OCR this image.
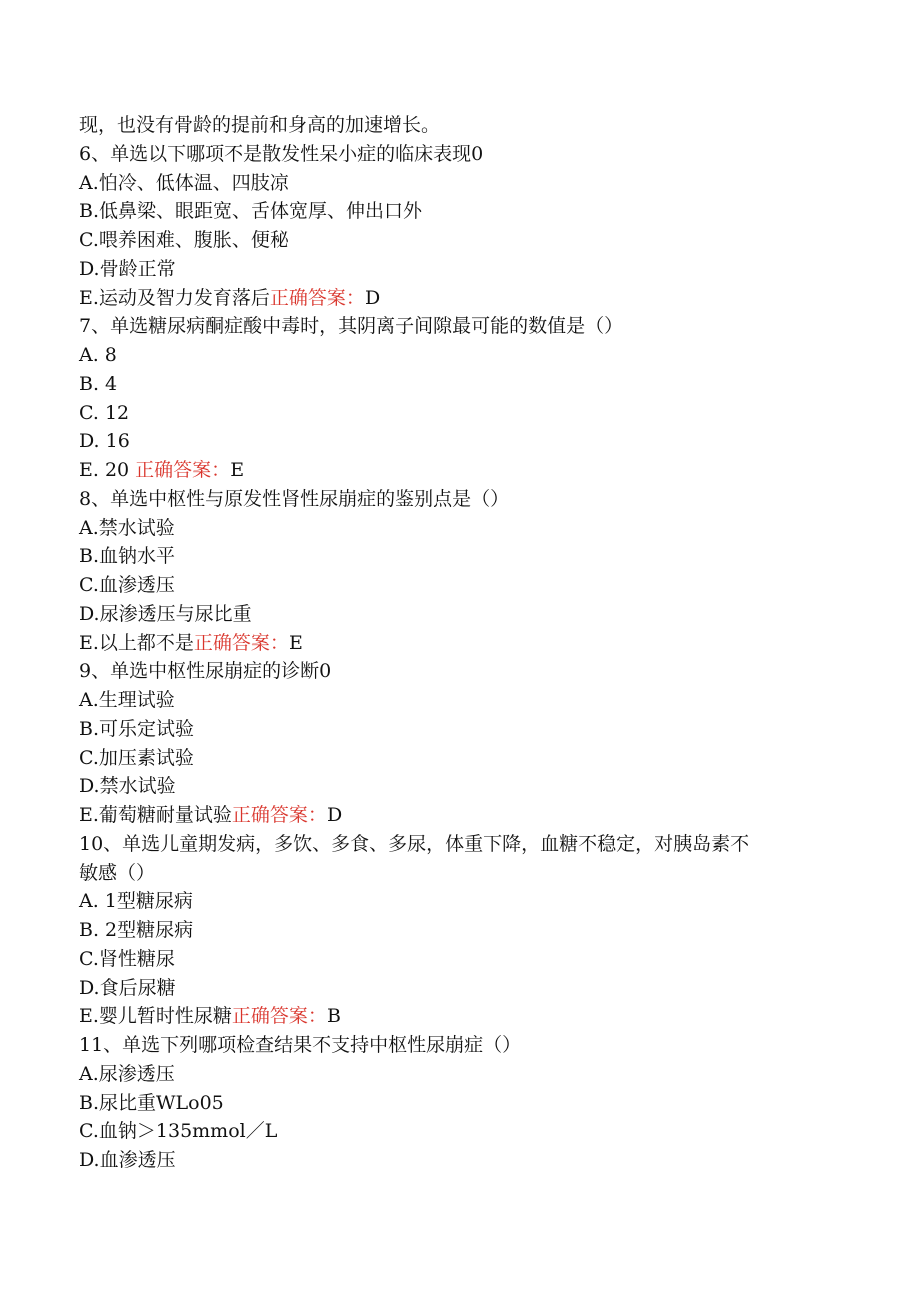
现，也没有骨龄的提前和身高的加速增长。
6、单选以下哪项不是散发性呆小症的临床表现0
A.怕冷、低体温、四肢凉
B.低鼻梁、眼距宽、舌体宽厚、伸出口外
C.喂养困难、腹胀、便秘
D.骨龄正常
E.运动及智力发育落后正确答案：D
7、单选糖尿病酮症酸中毒时，其阴离子间隙最可能的数值是（）
A. 8
B. 4
C. 12
D. 16
E. 20 正确答案：E
8、单选中枢性与原发性肾性尿崩症的鉴别点是（）
A.禁水试验
B.血钠水平
C.血渗透压
D.尿渗透压与尿比重
E.以上都不是正确答案：E
9、单选中枢性尿崩症的诊断0
A.生理试验
B.可乐定试验
C.加压素试验
D.禁水试验
E.葡萄糖耐量试验正确答案：D
10、单选儿童期发病，多饮、多食、多尿，体重下降，血糖不稳定，对胰岛素不
敏感（）
A. 1型糖尿病
B. 2型糖尿病
C.肾性糖尿
D.食后尿糖
E.婴儿暂时性尿糖正确答案：B
11、单选下列哪项检查结果不支持中枢性尿崩症（）
A.尿渗透压
B.尿比重WLo05
C.血钠＞135mmol／L
D.血渗透压
